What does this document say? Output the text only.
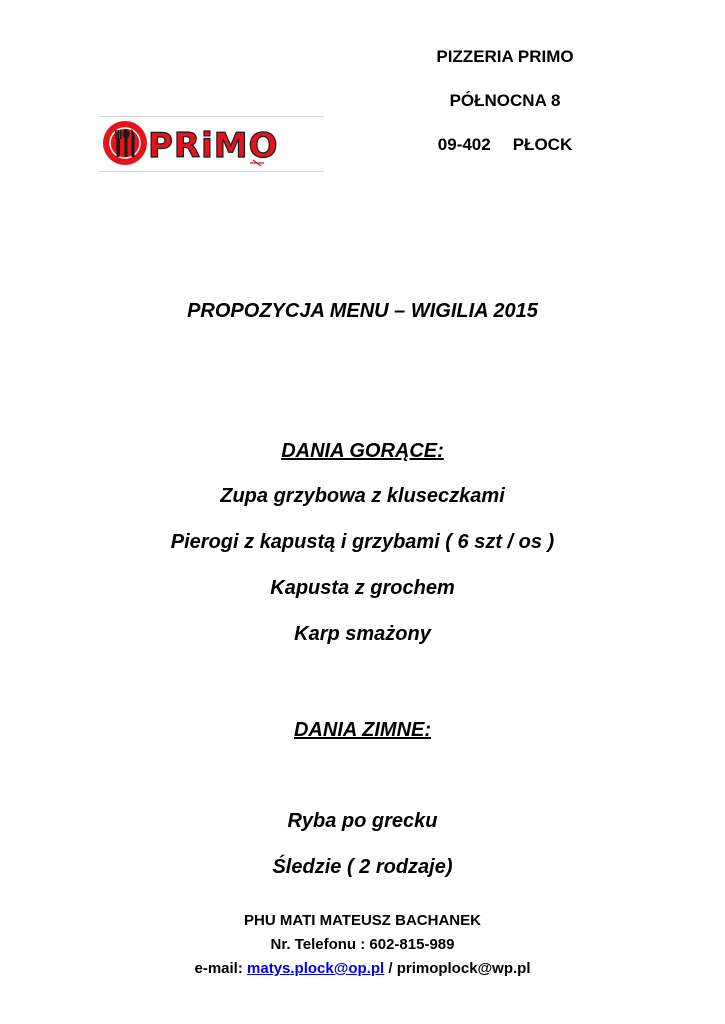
PIZZERIA PRIMO
PÓŁNOCNA 8
09-402 PŁOCK
PRiMO
PROPOZYCJA MENU – WIGILIA 2015
DANIA GORĄCE:
Zupa grzybowa z kluseczkami
Pierogi z kapustą i grzybami ( 6 szt / os )
Kapusta z grochem
Karp smażony
DANIA ZIMNE:
Ryba po grecku
Śledzie ( 2 rodzaje)
PHU MATI MATEUSZ BACHANEK
Nr. Telefonu : 602-815-989
e-mail: matys.plock@op.pl / primoplock@wp.pl
